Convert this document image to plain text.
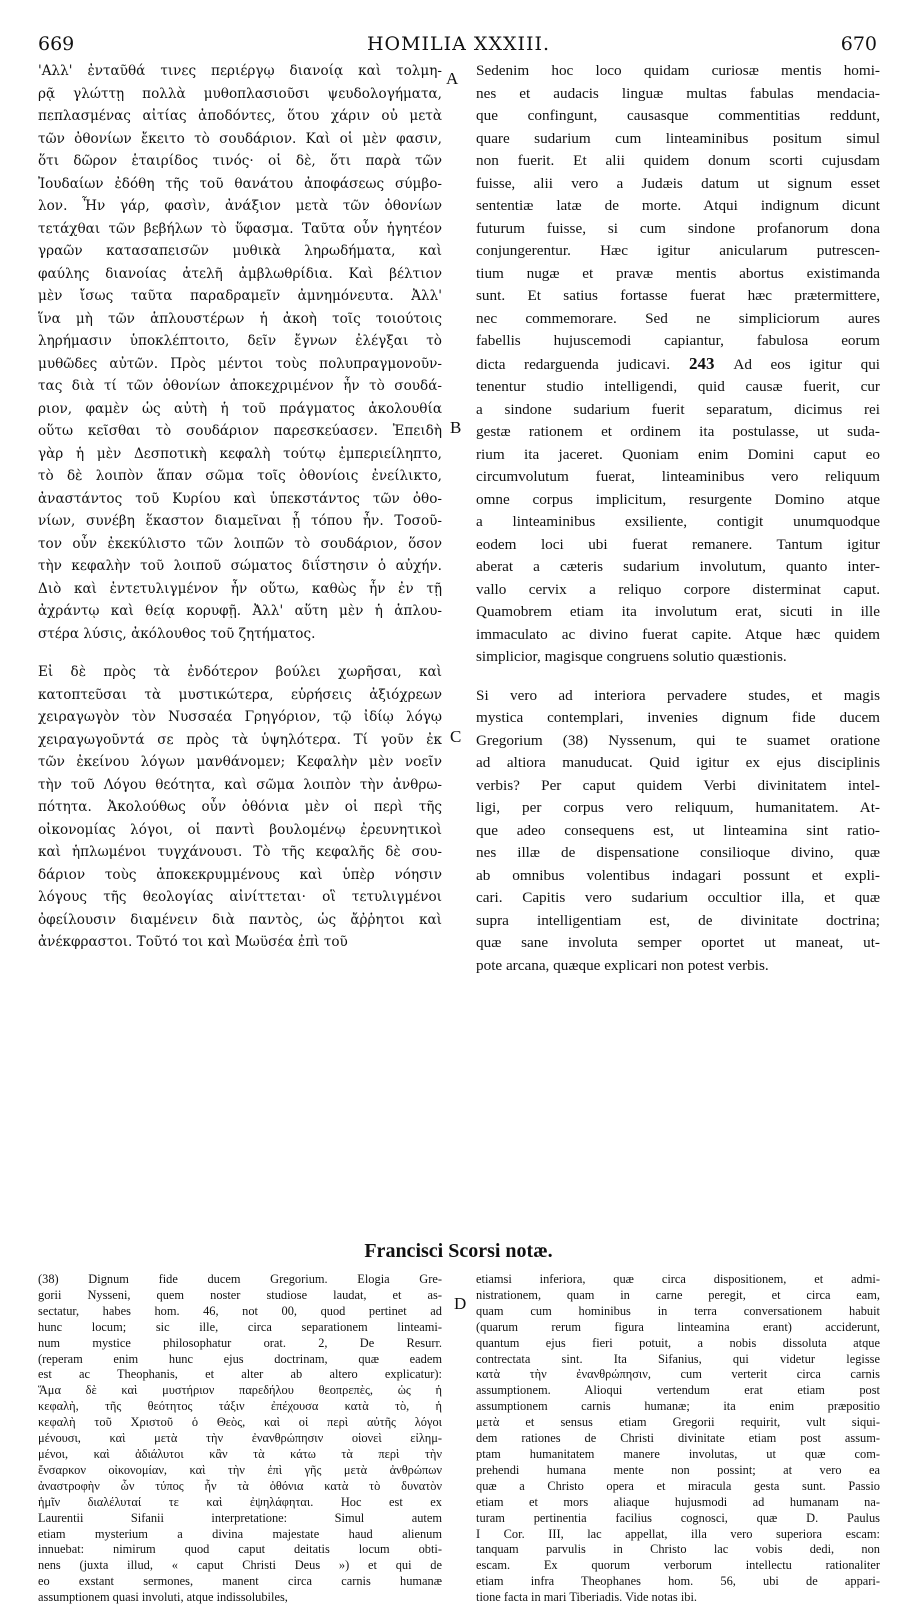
HOMILIA XXXIII.
669	670
A
B
C
D
'Αλλ' ἐνταῦθά τινες περιέργῳ διανοίᾳ καὶ τολμη-
ρᾷ γλώττῃ πολλὰ μυθοπλασιοῦσι ψευδολογήματα,
πεπλασμένας αἰτίας ἀποδόντες, ὅτου χάριν οὐ μετὰ
τῶν ὀθονίων ἔκειτο τὸ σουδάριον. Καὶ οἱ μὲν φασιν,
ὅτι δῶρον ἑταιρίδος τινός· οἱ δὲ, ὅτι παρὰ τῶν
Ἰουδαίων ἐδόθη τῆς τοῦ θανάτου ἀποφάσεως σύμβο-
λον. Ἦν γάρ, φασὶν, ἀνάξιον μετὰ τῶν ὀθονίων
τετάχθαι τῶν βεβήλων τὸ ὕφασμα. Ταῦτα οὖν ἡγητέον
γραῶν κατασαπεισῶν μυθικὰ ληρωδήματα, καὶ
φαύλης διανοίας ἀτελῆ ἀμβλωθρίδια. Καὶ βέλτιον
μὲν ἴσως ταῦτα παραδραμεῖν ἀμνημόνευτα. Ἀλλ'
ἵνα μὴ τῶν ἁπλουστέρων ἡ ἀκοὴ τοῖς τοιούτοις
ληρήμασιν ὑποκλέπτοιτο, δεῖν ἔγνων ἐλέγξαι τὸ
μυθῶδες αὐτῶν. Πρὸς μέντοι τοὺς πολυπραγμονοῦν-
τας διὰ τί τῶν ὀθονίων ἀποκεχριμένον ἦν τὸ σουδά-
ριον, φαμὲν ὡς αὐτὴ ἡ τοῦ πράγματος ἀκολουθία
οὕτω κεῖσθαι τὸ σουδάριον παρεσκεύασεν. Ἐπειδὴ
γὰρ ἡ μὲν Δεσποτικὴ κεφαλὴ τούτῳ ἐμπεριείληπτο,
τὸ δὲ λοιπὸν ἅπαν σῶμα τοῖς ὀθονίοις ἐνείλικτο,
ἀναστάντος τοῦ Κυρίου καὶ ὑπεκστάντος τῶν ὀθο-
νίων, συνέβη ἕκαστον διαμεῖναι ᾗ τόπου ἦν. Τοσοῦ-
τον οὖν ἐκεκύλιστο τῶν λοιπῶν τὸ σουδάριον, ὅσον
τὴν κεφαλὴν τοῦ λοιποῦ σώματος διΐστησιν ὁ αὐχήν.
Διὸ καὶ ἐντετυλιγμένον ἦν οὕτω, καθὼς ἦν ἐν τῇ
ἀχράντῳ καὶ θείᾳ κορυφῇ. Ἀλλ' αὕτη μὲν ἡ ἁπλου-
στέρα λύσις, ἀκόλουθος τοῦ ζητήματος.
Εἰ δὲ πρὸς τὰ ἐνδότερον βούλει χωρῆσαι, καὶ
κατοπτεῦσαι τὰ μυστικώτερα, εὑρήσεις ἀξιόχρεων
χειραγωγὸν τὸν Νυσσαέα Γρηγόριον, τῷ ἰδίῳ λόγῳ
χειραγωγοῦντά σε πρὸς τὰ ὑψηλότερα. Τί γοῦν ἐκ
τῶν ἐκείνου λόγων μανθάνομεν; Κεφαλὴν μὲν νοεῖν
τὴν τοῦ Λόγου θεότητα, καὶ σῶμα λοιπὸν τὴν ἀνθρω-
πότητα. Ἀκολούθως οὖν ὀθόνια μὲν οἱ περὶ τῆς
οἰκονομίας λόγοι, οἱ παντὶ βουλομένῳ ἐρευνητικοὶ
καὶ ἡπλωμένοι τυγχάνουσι. Τὸ τῆς κεφαλῆς δὲ σου-
δάριον τοὺς ἀποκεκρυμμένους καὶ ὑπὲρ νόησιν
λόγους τῆς θεολογίας αἰνίττεται· οἳ τετυλιγμένοι
ὀφείλουσιν διαμένειν διὰ παντὸς, ὡς ἄῤῥητοι καὶ
ἀνέκφραστοι. Τοῦτό τοι καὶ Μωϋσέα ἐπὶ τοῦ
Sedenim hoc loco quidam curiosæ mentis homi-
nes et audacis linguæ multas fabulas mendacia-
que confingunt, causasque commentitias reddunt,
quare sudarium cum linteaminibus positum simul
non fuerit. Et alii quidem donum scorti cujusdam
fuisse, alii vero a Judæis datum ut signum esset
sententiæ latæ de morte. Atqui indignum dicunt
futurum fuisse, si cum sindone profanorum dona
conjungerentur. Hæc igitur anicularum putrescen-
tium nugæ et pravæ mentis abortus existimanda
sunt. Et satius fortasse fuerat hæc prætermittere,
nec commemorare. Sed ne simpliciorum aures
fabellis hujuscemodi capiantur, fabulosa eorum
dicta redarguenda judicavi. 243 Ad eos igitur qui
tenentur studio intelligendi, quid causæ fuerit, cur
a sindone sudarium fuerit separatum, dicimus rei
gestæ rationem et ordinem ita postulasse, ut suda-
rium ita jaceret. Quoniam enim Domini caput eo
circumvolutum fuerat, linteaminibus vero reliquum
omne corpus implicitum, resurgente Domino atque
a linteaminibus exsiliente, contigit unumquodque
eodem loci ubi fuerat remanere. Tantum igitur
aberat a cæteris sudarium involutum, quanto inter-
vallo cervix a reliquo corpore disterminat caput.
Quamobrem etiam ita involutum erat, sicuti in ille
immaculato ac divino fuerat capite. Atque hæc quidem
simplicior, magisque congruens solutio quæstionis.
Si vero ad interiora pervadere studes, et magis
mystica contemplari, invenies dignum fide ducem
Gregorium (38) Nyssenum, qui te suamet oratione
ad altiora manuducat. Quid igitur ex ejus disciplinis
verbis? Per caput quidem Verbi divinitatem intel-
ligi, per corpus vero reliquum, humanitatem. At-
que adeo consequens est, ut linteamina sint ratio-
nes illæ de dispensatione consilioque divino, quæ
ab omnibus volentibus indagari possunt et expli-
cari. Capitis vero sudarium occultior illa, et quæ
supra intelligentiam est, de divinitate doctrina;
quæ sane involuta semper oportet ut maneat, ut-
pote arcana, quæque explicari non potest verbis.
Francisci Scorsi notæ.
(38) Dignum fide ducem Gregorium. Elogia Gre-
gorii Nysseni, quem noster studiose laudat, et as-
sectatur, habes hom. 46, not 00, quod pertinet ad
hunc locum; sic ille, circa separationem linteami-
num mystice philosophatur orat. 2, De Resurr.
(reperam enim hunc ejus doctrinam, quæ eadem
est ac Theophanis, et alter ab altero explicatur):
Ἅμα δὲ καὶ μυστήριον παρεδήλου θεοπρεπὲς, ὡς ἡ
κεφαλὴ, τῆς θεότητος τάξιν ἐπέχουσα κατὰ τὸ, ἡ
κεφαλὴ τοῦ Χριστοῦ ὁ Θεὸς, καὶ οἱ περὶ αὐτῆς λόγοι
μένουσι, καὶ μετὰ τὴν ἐνανθρώπησιν οἱονεὶ εἰλημ-
μένοι, καὶ ἀδιάλυτοι κἂν τὰ κάτω τὰ περὶ τὴν
ἔνσαρκον οἰκονομίαν, καὶ τὴν ἐπὶ γῆς μετὰ ἀνθρώπων
ἀναστροφὴν ὧν τύπος ἦν τὰ ὀθόνια κατὰ τὸ δυνατὸν
ἡμῖν διαλέλυταί τε καὶ ἐψηλάφηται. Hoc est ex
Laurentii Sifanii interpretatione: Simul autem
etiam mysterium a divina majestate haud alienum
innuebat: nimirum quod caput deitatis locum obti-
nens (juxta illud, « caput Christi Deus ») et qui de
eo exstant sermones, manent circa carnis humanæ
assumptionem quasi involuti, atque indissolubiles,
etiamsi inferiora, quæ circa dispositionem, et admi-
nistrationem, quam in carne peregit, et circa eam,
quam cum hominibus in terra conversationem habuit
(quarum rerum figura linteamina erant) acciderunt,
quantum ejus fieri potuit, a nobis dissoluta atque
contrectata sint. Ita Sifanius, qui videtur legisse
κατὰ τὴν ἐνανθρώπησιν, cum verterit circa carnis
assumptionem. Alioqui vertendum erat etiam post
assumptionem carnis humanæ; ita enim præpositio
μετὰ et sensus etiam Gregorii requirit, vult siqui-
dem rationes de Christi divinitate etiam post assum-
ptam humanitatem manere involutas, ut quæ com-
prehendi humana mente non possint; at vero ea
quæ a Christo opera et miracula gesta sunt. Passio
etiam et mors aliaque hujusmodi ad humanam na-
turam pertinentia facilius cognosci, quæ D. Paulus
I Cor. III, lac appellat, illa vero superiora escam:
tanquam parvulis in Christo lac vobis dedi, non
escam. Ex quorum verborum intellectu rationaliter
etiam infra Theophanes hom. 56, ubi de appari-
tione facta in mari Tiberiadis. Vide notas ibi.
